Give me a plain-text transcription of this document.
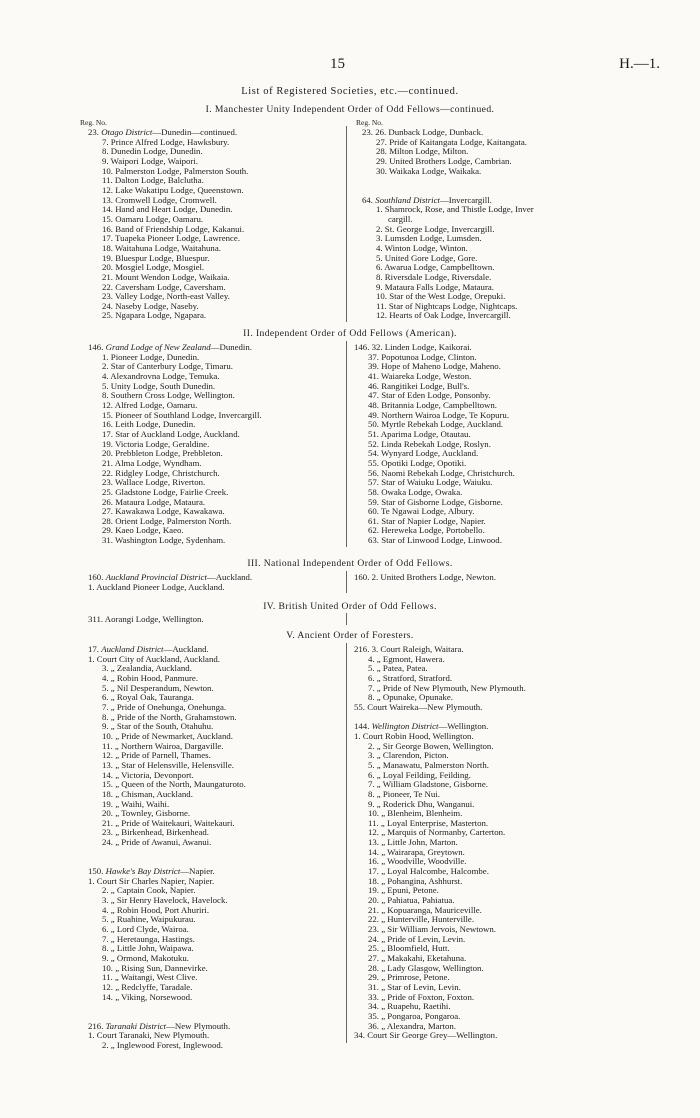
15	H.—1.
List of Registered Societies, etc.—continued.
I. Manchester Unity Independent Order of Odd Fellows—continued.
Reg. No.	Reg. No.
23. Otago District—Dunedin—continued.
7. Prince Alfred Lodge, Hawksbury.
8. Dunedin Lodge, Dunedin.
9. Waipori Lodge, Waipori.
10. Palmerston Lodge, Palmerston South.
11. Dalton Lodge, Balclutha.
12. Lake Wakatipu Lodge, Queenstown.
13. Cromwell Lodge, Cromwell.
14. Hand and Heart Lodge, Dunedin.
15. Oamaru Lodge, Oamaru.
16. Band of Friendship Lodge, Kakanui.
17. Tuapeka Pioneer Lodge, Lawrence.
18. Waitahuna Lodge, Waitahuna.
19. Bluespur Lodge, Bluespur.
20. Mosgiel Lodge, Mosgiel.
21. Mount Wendon Lodge, Waikaia.
22. Caversham Lodge, Caversham.
23. Valley Lodge, North-east Valley.
24. Naseby Lodge, Naseby.
25. Ngapara Lodge, Ngapara.
23. 26. Dunback Lodge, Dunback.
27. Pride of Kaitangata Lodge, Kaitangata.
28. Milton Lodge, Milton.
29. United Brothers Lodge, Cambrian.
30. Waikaka Lodge, Waikaka.

64. Southland District—Invercargill.
1. Shamrock, Rose, and Thistle Lodge, Inver
cargill.
2. St. George Lodge, Invercargill.
3. Lumsden Lodge, Lumsden.
4. Winton Lodge, Winton.
5. United Gore Lodge, Gore.
6. Awarua Lodge, Campbelltown.
8. Riversdale Lodge, Riversdale.
9. Mataura Falls Lodge, Mataura.
10. Star of the West Lodge, Orepuki.
11. Star of Nightcaps Lodge, Nightcaps.
12. Hearts of Oak Lodge, Invercargill.
II. Independent Order of Odd Fellows (American).
146. Grand Lodge of New Zealand—Dunedin.
1. Pioneer Lodge, Dunedin.
2. Star of Canterbury Lodge, Timaru.
4. Alexandrovna Lodge, Temuka.
5. Unity Lodge, South Dunedin.
8. Southern Cross Lodge, Wellington.
12. Alfred Lodge, Oamaru.
15. Pioneer of Southland Lodge, Invercargill.
16. Leith Lodge, Dunedin.
17. Star of Auckland Lodge, Auckland.
19. Victoria Lodge, Geraldine.
20. Prebbleton Lodge, Prebbleton.
21. Alma Lodge, Wyndham.
22. Ridgley Lodge, Christchurch.
23. Wallace Lodge, Riverton.
25. Gladstone Lodge, Fairlie Creek.
26. Mataura Lodge, Mataura.
27. Kawakawa Lodge, Kawakawa.
28. Orient Lodge, Palmerston North.
29. Kaeo Lodge, Kaeo.
31. Washington Lodge, Sydenham.
146. 32. Linden Lodge, Kaikorai.
37. Popotunoa Lodge, Clinton.
39. Hope of Maheno Lodge, Maheno.
41. Waiareka Lodge, Weston.
46. Rangitikei Lodge, Bull's.
47. Star of Eden Lodge, Ponsonby.
48. Britannia Lodge, Campbelltown.
49. Northern Wairoa Lodge, Te Kopuru.
50. Myrtle Rebekah Lodge, Auckland.
51. Aparima Lodge, Otautau.
52. Linda Rebekah Lodge, Roslyn.
54. Wynyard Lodge, Auckland.
55. Opotiki Lodge, Opotiki.
56. Naomi Rebekah Lodge, Christchurch.
57. Star of Waiuku Lodge, Waiuku.
58. Owaka Lodge, Owaka.
59. Star of Gisborne Lodge, Gisborne.
60. Te Ngawai Lodge, Albury.
61. Star of Napier Lodge, Napier.
62. Hereweka Lodge, Portobello.
63. Star of Linwood Lodge, Linwood.
III. National Independent Order of Odd Fellows.
160. Auckland Provincial District—Auckland.
1. Auckland Pioneer Lodge, Auckland.
160. 2. United Brothers Lodge, Newton.
IV. British United Order of Odd Fellows.
311. Aorangi Lodge, Wellington.
V. Ancient Order of Foresters.
17. Auckland District—Auckland.
1. Court City of Auckland, Auckland.
3. „ Zealandia, Auckland.
4. „ Robin Hood, Panmure.
5. „ Nil Desperandum, Newton.
6. „ Royal Oak, Tauranga.
7. „ Pride of Onehunga, Onehunga.
8. „ Pride of the North, Grahamstown.
9. „ Star of the South, Otahuhu.
10. „ Pride of Newmarket, Auckland.
11. „ Northern Wairoa, Dargaville.
12. „ Pride of Parnell, Thames.
13. „ Star of Helensville, Helensville.
14. „ Victoria, Devonport.
15. „ Queen of the North, Maungaturoto.
18. „ Chisman, Auckland.
19. „ Waihi, Waihi.
20. „ Townley, Gisborne.
21. „ Pride of Waitekauri, Waitekauri.
23. „ Birkenhead, Birkenhead.
24. „ Pride of Awanui, Awanui.

150. Hawke's Bay District—Napier.
1. Court Sir Charles Napier, Napier.
2. „ Captain Cook, Napier.
3. „ Sir Henry Havelock, Havelock.
4. „ Robin Hood, Port Ahuriri.
5. „ Ruahine, Waipukurau.
6. „ Lord Clyde, Wairoa.
7. „ Heretaunga, Hastings.
8. „ Little John, Waipawa.
9. „ Ormond, Makotuku.
10. „ Rising Sun, Dannevirke.
11. „ Waitangi, West Clive.
12. „ Redclyffe, Taradale.
14. „ Viking, Norsewood.

216. Taranaki District—New Plymouth.
1. Court Taranaki, New Plymouth.
2. „ Inglewood Forest, Inglewood.
216. 3. Court Raleigh, Waitara.
4. „ Egmont, Hawera.
5. „ Patea, Patea.
6. „ Stratford, Stratford.
7. „ Pride of New Plymouth, New Plymouth.
8. „ Opunake, Opunake.
55. Court Waireka—New Plymouth.

144. Wellington District—Wellington.
1. Court Robin Hood, Wellington.
2. „ Sir George Bowen, Wellington.
3. „ Clarendon, Picton.
5. „ Manawatu, Palmerston North.
6. „ Loyal Feilding, Feilding.
7. „ William Gladstone, Gisborne.
8. „ Pioneer, Te Nui.
9. „ Roderick Dhu, Wanganui.
10. „ Blenheim, Blenheim.
11. „ Loyal Enterprise, Masterton.
12. „ Marquis of Normanby, Carterton.
13. „ Little John, Marton.
14. „ Wairarapa, Greytown.
16. „ Woodville, Woodville.
17. „ Loyal Halcombe, Halcombe.
18. „ Pohangina, Ashhurst.
19. „ Epuni, Petone.
20. „ Pahiatua, Pahiatua.
21. „ Kopuaranga, Mauriceville.
22. „ Hunterville, Hunterville.
23. „ Sir William Jervois, Newtown.
24. „ Pride of Levin, Levin.
25. „ Bloomfield, Hutt.
27. „ Makakahi, Eketahuna.
28. „ Lady Glasgow, Wellington.
29. „ Primrose, Petone.
31. „ Star of Levin, Levin.
33. „ Pride of Foxton, Foxton.
34. „ Ruapehu, Raetihi.
35. „ Pongaroa, Pongaroa.
36. „ Alexandra, Marton.
34. Court Sir George Grey—Wellington.
